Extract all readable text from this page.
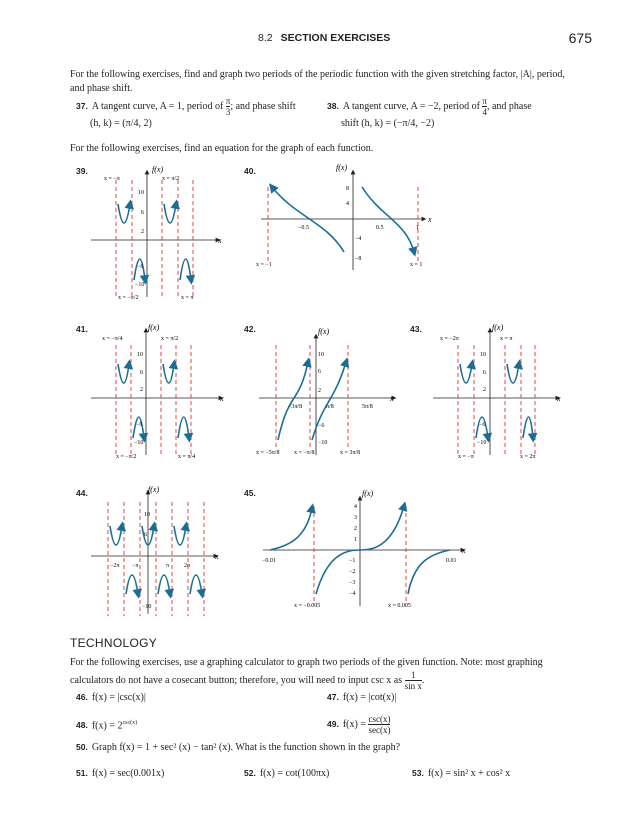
8.2 SECTION EXERCISES	675
For the following exercises, find and graph two periods of the periodic function with the given stretching factor, |A|, period, and phase shift.
37. A tangent curve, A = 1, period of $\frac{\pi}{3}$ ; and phase shift
(h, k) = (π/4, 2)
38. A tangent curve, A = −2, period of $\frac{\pi}{4}$ , and phase
shift (h, k) = (−π/4, −2)
For the following exercises, find an equation for the graph of each function.
39.	f(x)
x
x = −π	x = π/2
x = −π/2	x = π
10
6
2
−6
−10
40.	f(x)
x
8
4
−4
−8
−0.5	0.5	1
x = −1	x = 1
41.	f(x)
x
x = −π/4	x = π/2
x = −π/2	x = π/4
10
6
2
−6
−10
42.	f(x)
x
10
6
2
−6
−10
−3π/8	π/8	5π/8
x = −5π/8 x = −π/8	x = 3π/8
43.	f(x)
x
x = −2π	x = π
x = −π	x = 2π
10
6
2
−6
−10
44.	f(x)
x
10
6
−10
−2π −π	π 2π
45.	f(x)
x
4
3
2
1
−1
−2
−3
−4
−0.01	0.01
x = −0.005	x = 0.005
TECHNOLOGY
For the following exercises, use a graphing calculator to graph two periods of the given function. Note: most graphing calculators do not have a cosecant button; therefore, you will need to input csc x as $\frac{1}{\text{sin x}}$ .
46. f(x) = |csc(x)|	47. f(x) = |cot(x)|
48. $f(x) = 2^{csc(x)}$	49. $f(x) = \frac{\csc(x)}{\sec(x)}$
50. Graph f(x) = 1 + sec² (x) − tan² (x). What is the function shown in the graph?
51. f(x) = sec(0.001x)	52. f(x) = cot(100πx)	53. f(x) = sin² x + cos² x
